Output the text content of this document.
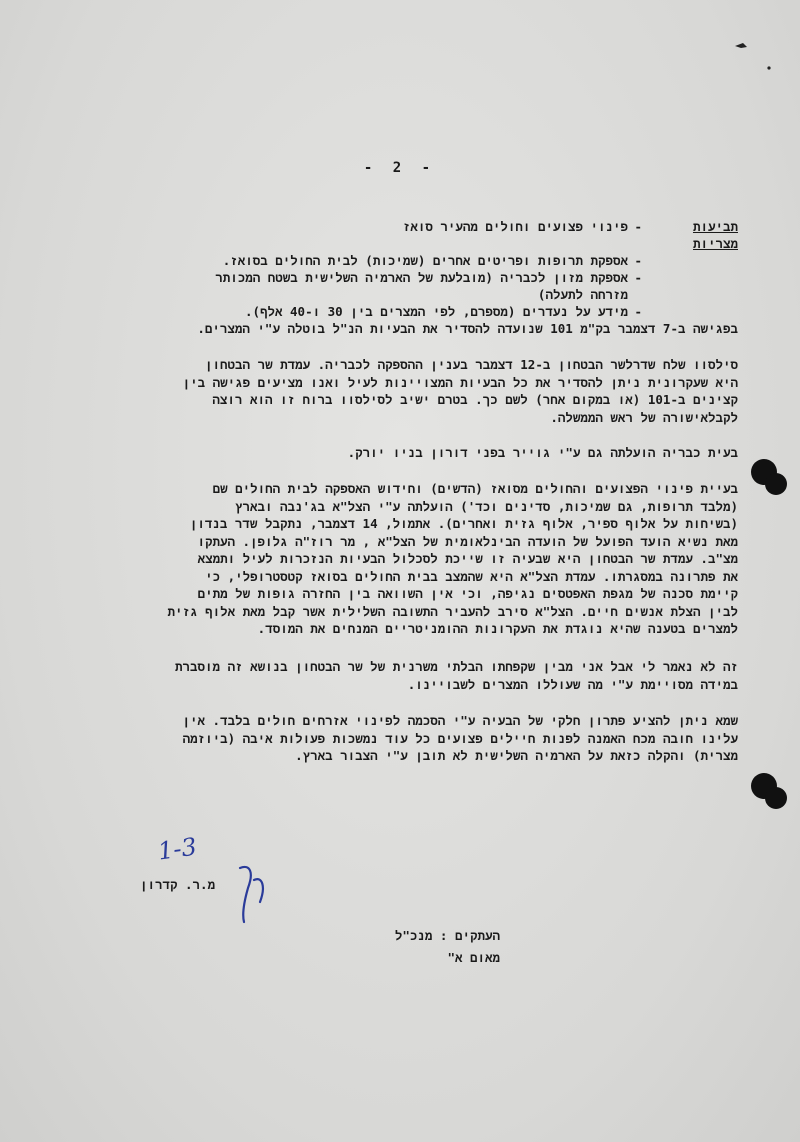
- 2 -
תביעות מצריות
-
פינוי פצועים וחולים מהעיר סואז
-
אספקת תרופות ופריטים אחרים (שמיכות) לבית החולים בסואז.
-
אספקת מזון לכבריה (מובלעת של הארמיה השלישית בשטח המכותר מזרחה לתעלה)
-
מידע על נעדרים (מספרם, לפי המצרים בין 30 ו-40 אלף).
בפגישה ב-7 דצמבר בק"מ 101 שנועדה להסדיר את הבעיות הנ"ל בוטלה ע"י המצרים.
סילסוו שלח שדרלשר הבטחון ב-12 דצמבר בענין ההספקה לכבריה. עמדת שר הבטחון
היא שעקרונית ניתן להסדיר את כל הבעיות המצויינות לעיל ואנו מציעים פגישה בין
קציני‍ם ב-101 (או במקום אחר) לשם כך. בטרם ישיב לסילסוו ברוח זו הוא רוצה
לקבלאישורה של ראש הממשלה.
בעית כבריה הועלתה גם ע"י גוייר בפני דורון בניו יורק.
בעיית פינוי הפצועים והחולים מסואז (הדשים) וחידוש האספקה לבית החולים שם
(מלבד תרופות, גם שמיכות, סדינים וכד') הועלתה ע"י הצל"א בג'נבה ובארץ
(בשיחות על אלוף ספיר, אלוף גזית ואחרים). אתמול, 14 דצמבר, נתקבל שדר בנדון
מאת נשיא הועד הפועל של הועדה הבינלאומית של הצל"א , מר רוז"ה גלופן. העתקו
מצ"ב. עמדת שר הבטחון היא שבעיה זו שייכת לסכלול הבעיות הנזכרות לעיל ותמצא
את פתרונה במסגרתו. עמדת הצל"א היא שהמצב בבית החולים בסואז קטסטרופלי, כי
קיימת סכנה של מגפת האפטסים נגיפה, וכי אין השוואה בין החזרה גופות של מתים
לבין הצלת אנשים חיים. הצל"א סירב להעביר התשובה השלילית אשר קבל מאת אלוף גזית
למצרים בטענה שהיא נוגדת את העקרונות ההומניטריים המנחים את המוסד.
זה לא נאמר לי אבל אני מבין שקפחתו הבלתי משרנית של שר הבטחון בנושא זה מוסברת
במידה מסויימת ע"י מה שעוללו המצרים לשבויינו.
שמא ניתן להציע פתרון חלקי של הבעיה ע"י הסכמה לפינוי אזרחים חולים בלבד. אין
עלינו חובה מכח האמנה לפנות חיילים פצועים כל עוד נמשכות פעולות איבה (ביוזמה
מצרית) והקלה כזאת על הארמיה השלישית לא תובן ע"י הצבור בארץ.
1-3
מ.ר. קדרון
העתקים : מנכ"ל
מאום א"
